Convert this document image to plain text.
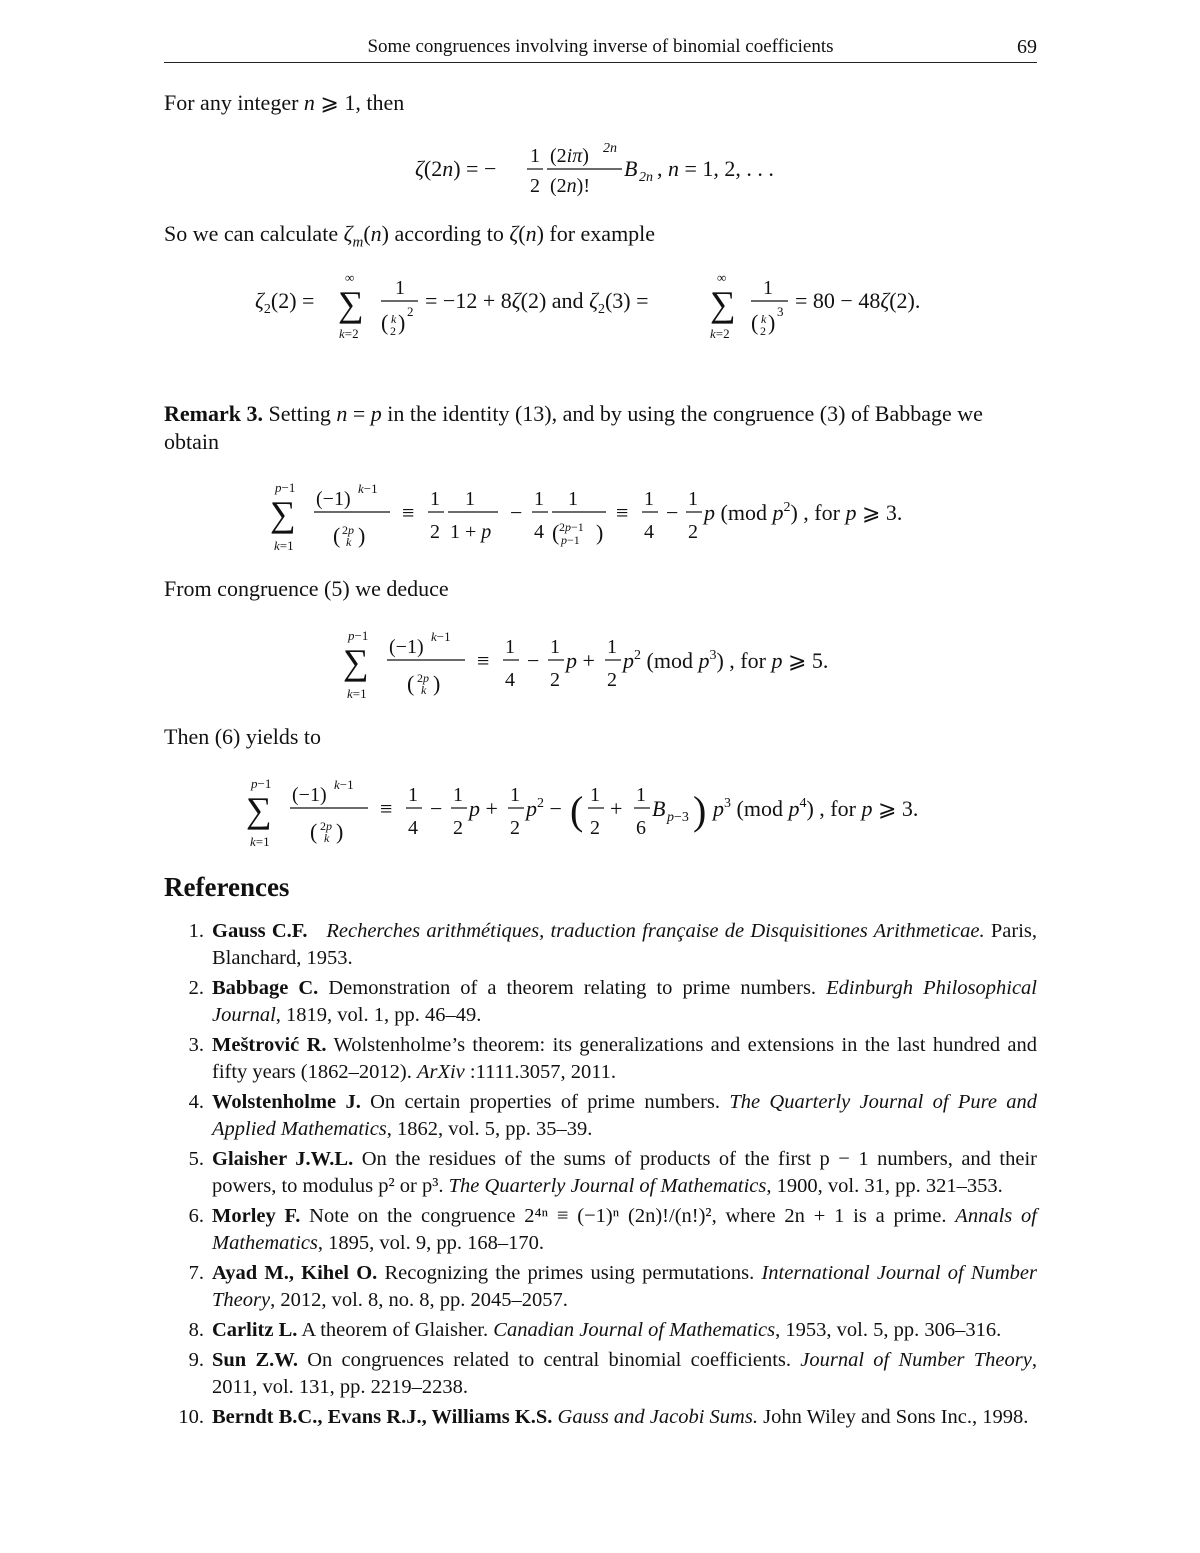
Some congruences involving inverse of binomial coefficients	69
For any integer n ⩾ 1, then
ζ(2n) = − 1
2
(2iπ) 2n
(2n)!
B 2n , n = 1, 2, . . .
So we can calculate $\zeta_m(n)$ according to ζ(n) for example
$\zeta_2(2)$ =
∞
∑
k=2
1
( k
2 ) 2 = −12 + 8ζ(2) and $\zeta_2(3)$ =
∞
∑
k=2
1
( k
2 ) 3 = 80 − 48ζ(2).
Remark 3. Setting n = p in the identity (13), and by using the congruence (3) of Babbage we obtain
p−1
∑
k=1
(−1) k−1
( 2p
k )
≡
1
2
1
1 + p
−
1
4
1
( 2p−1
p−1 )
≡
1
4
−
1
2
p (mod $p^2$) , for p ⩾ 3.
From congruence (5) we deduce
p−1
∑
k=1
(−1) k−1
( 2p
k )
≡
1
4
−
1
2
p +
1
2
$p^2$ (mod $p^3$) , for p ⩾ 5.
Then (6) yields to
p−1
∑
k=1
(−1) k−1
( 2p
k )
≡
1
4
−
1
2
p +
1
2
$p^2$ − ( 1
2
+
1
6
B p−3 ) $p^3$ (mod $p^4$) , for p ⩾ 3.
References
1. Gauss C.F. Recherches arithmétiques, traduction française de Disquisitiones Arithmeticae. Paris, Blanchard, 1953.
2. Babbage C. Demonstration of a theorem relating to prime numbers. Edinburgh Philosophical Journal, 1819, vol. 1, pp. 46–49.
3. Meštrović R. Wolstenholme’s theorem: its generalizations and extensions in the last hundred and fifty years (1862–2012). ArXiv :1111.3057, 2011.
4. Wolstenholme J. On certain properties of prime numbers. The Quarterly Journal of Pure and Applied Mathematics, 1862, vol. 5, pp. 35–39.
5. Glaisher J.W.L. On the residues of the sums of products of the first p − 1 numbers, and their powers, to modulus p² or p³. The Quarterly Journal of Mathematics, 1900, vol. 31, pp. 321–353.
6. Morley F. Note on the congruence 2⁴ⁿ ≡ (−1)ⁿ (2n)!/(n!)², where 2n + 1 is a prime. Annals of Mathematics, 1895, vol. 9, pp. 168–170.
7. Ayad M., Kihel O. Recognizing the primes using permutations. International Journal of Number Theory, 2012, vol. 8, no. 8, pp. 2045–2057.
8. Carlitz L. A theorem of Glaisher. Canadian Journal of Mathematics, 1953, vol. 5, pp. 306–316.
9. Sun Z.W. On congruences related to central binomial coefficients. Journal of Number Theory, 2011, vol. 131, pp. 2219–2238.
10. Berndt B.C., Evans R.J., Williams K.S. Gauss and Jacobi Sums. John Wiley and Sons Inc., 1998.
